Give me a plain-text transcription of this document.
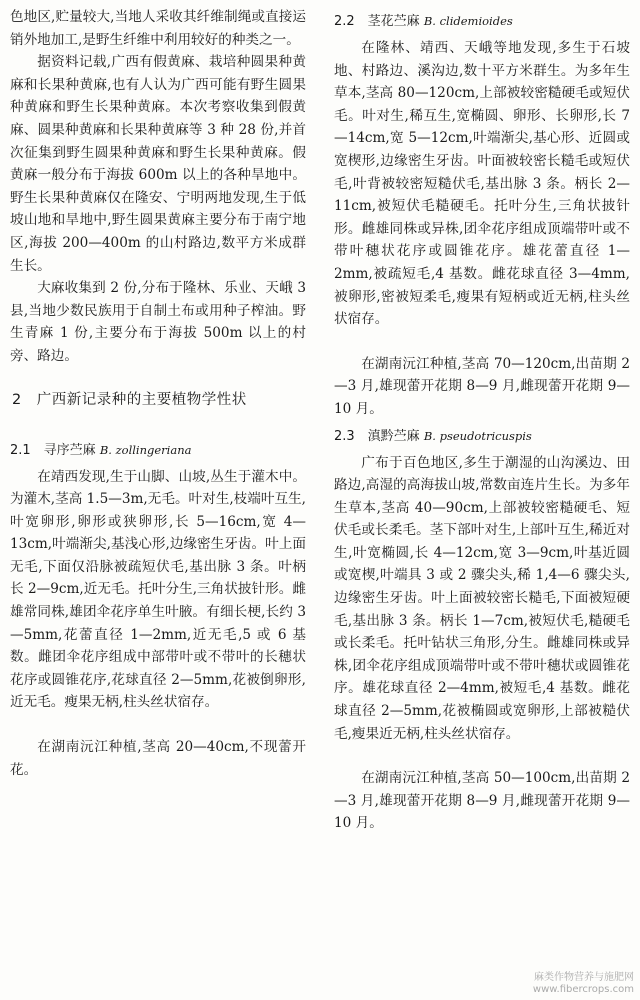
色地区,贮量较大,当地人采收其纤维制绳或直接运销外地加工,是野生纤维中利用较好的种类之一。

据资料记载,广西有假黄麻、栽培种圆果种黄麻和长果种黄麻,也有人认为广西可能有野生圆果种黄麻和野生长果种黄麻。本次考察收集到假黄麻、圆果种黄麻和长果种黄麻等 3 种 28 份,并首次征集到野生圆果种黄麻和野生长果种黄麻。假黄麻一般分布于海拔 600m 以上的各种旱地中。野生长果种黄麻仅在隆安、宁明两地发现,生于低坡山地和旱地中,野生圆果黄麻主要分布于南宁地区,海拔 200—400m 的山村路边,数平方米成群生长。

大麻收集到 2 份,分布于隆林、乐业、天峨 3 县,当地少数民族用于自制土布或用种子榨油。野生青麻 1 份,主要分布于海拔 500m 以上的村旁、路边。

2　广西新记录种的主要植物学性状
2.1　寻序苎麻 B. zollingeriana

在靖西发现,生于山脚、山坡,丛生于灌木中。为灌木,茎高 1.5—3m,无毛。叶对生,枝端叶互生,叶宽卵形,卵形或狭卵形,长 5—16cm,宽 4—13cm,叶端渐尖,基浅心形,边缘密生牙齿。叶上面无毛,下面仅沿脉被疏短伏毛,基出脉 3 条。叶柄长 2—9cm,近无毛。托叶分生,三角状披针形。雌雄常同株,雄团伞花序单生叶腋。有细长梗,长约 3—5mm,花蕾直径 1—2mm,近无毛,5 或 6 基数。雌团伞花序组成中部带叶或不带叶的长穗状花序或圆锥花序,花球直径 2—5mm,花被倒卵形,近无毛。瘦果无柄,柱头丝状宿存。

在湖南沅江种植,茎高 20—40cm,不现蕾开花。

2.2　茎花苎麻 B. clidemioides

在隆林、靖西、天峨等地发现,多生于石坡地、村路边、溪沟边,数十平方米群生。为多年生草本,茎高 80—120cm,上部被较密糙硬毛或短伏毛。叶对生,稀互生,宽椭圆、卵形、长卵形,长 7—14cm,宽 5—12cm,叶端渐尖,基心形、近圆或宽楔形,边缘密生牙齿。叶面被较密长糙毛或短伏毛,叶背被较密短糙伏毛,基出脉 3 条。柄长 2—11cm,被短伏毛糙硬毛。托叶分生,三角状披针形。雌雄同株或异株,团伞花序组成顶端带叶或不带叶穗状花序或圆锥花序。雄花蕾直径 1—2mm,被疏短毛,4 基数。雌花球直径 3—4mm,被卵形,密被短柔毛,瘦果有短柄或近无柄,柱头丝状宿存。

在湖南沅江种植,茎高 70—120cm,出苗期 2—3 月,雄现蕾开花期 8—9 月,雌现蕾开花期 9—10 月。

2.3　滇黔苎麻 B. pseudotricuspis

广布于百色地区,多生于潮湿的山沟溪边、田路边,高湿的高海拔山坡,常数亩连片生长。为多年生草本,茎高 40—90cm,上部被较密糙硬毛、短伏毛或长柔毛。茎下部叶对生,上部叶互生,稀近对生,叶宽椭圆,长 4—12cm,宽 3—9cm,叶基近圆或宽楔,叶端具 3 或 2 骤尖头,稀 1,4—6 骤尖头,边缘密生牙齿。叶上面被较密长糙毛,下面被短硬毛,基出脉 3 条。柄长 1—7cm,被短伏毛,糙硬毛或长柔毛。托叶钻状三角形,分生。雌雄同株或异株,团伞花序组成顶端带叶或不带叶穗状或圆锥花序。雄花球直径 2—4mm,被短毛,4 基数。雌花球直径 2—5mm,花被椭圆或宽卵形,上部被糙伏毛,瘦果近无柄,柱头丝状宿存。

在湖南沅江种植,茎高 50—100cm,出苗期 2—3 月,雄现蕾开花期 8—9 月,雌现蕾开花期 9—10 月。

麻类作物营养与施肥网
www.fibercrops.com
